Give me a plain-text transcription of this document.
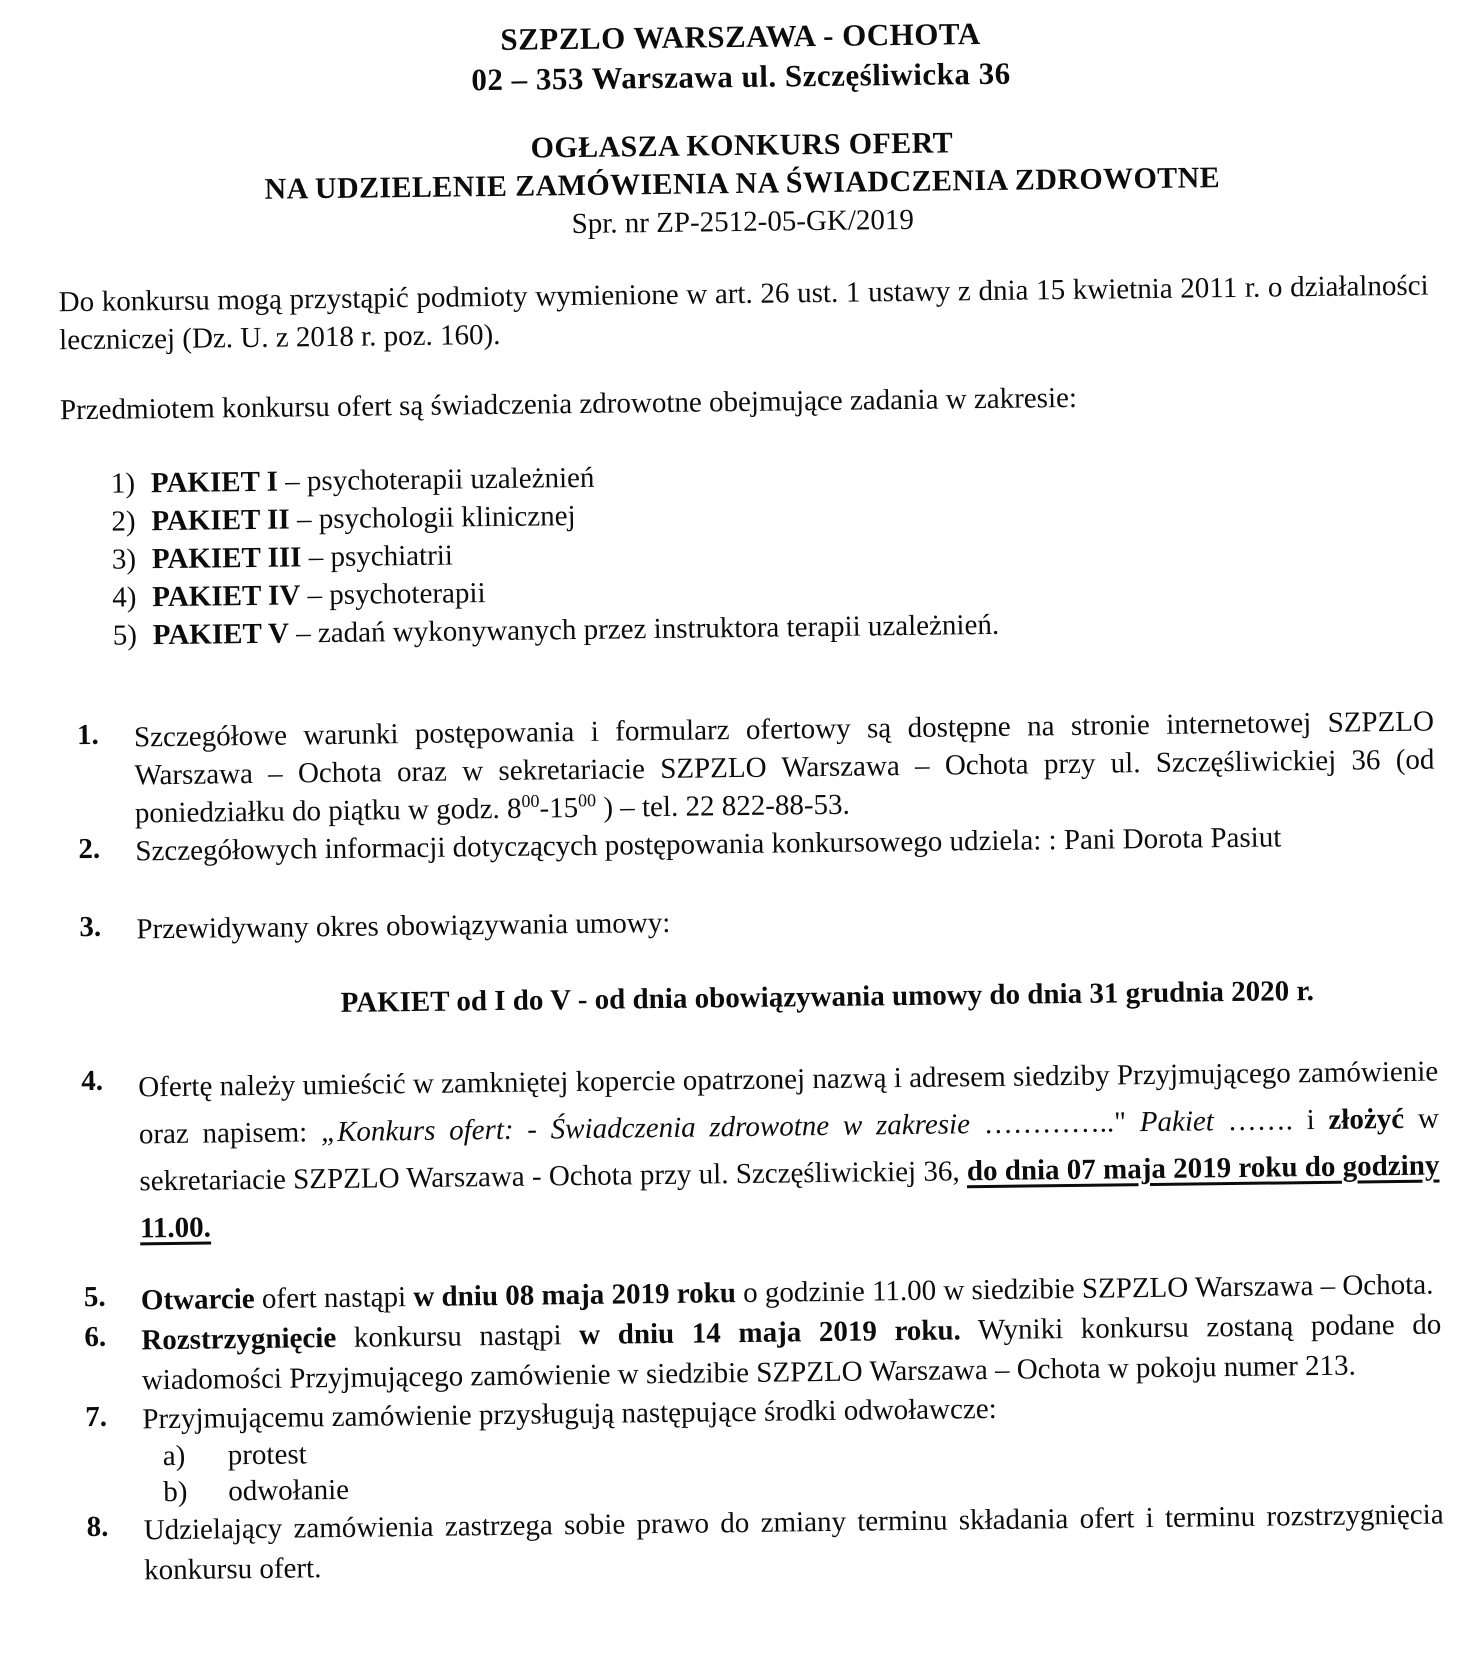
SZPZLO WARSZAWA - OCHOTA
02 – 353 Warszawa ul. Szczęśliwicka 36
OGŁASZA KONKURS OFERT
NA UDZIELENIE ZAMÓWIENIA NA ŚWIADCZENIA ZDROWOTNE
Spr. nr ZP-2512-05-GK/2019

Do konkursu mogą przystąpić podmioty wymienione w art. 26 ust. 1 ustawy z dnia 15 kwietnia 2011 r. o działalności leczniczej (Dz. U. z 2018 r. poz. 160).

Przedmiotem konkursu ofert są świadczenia zdrowotne obejmujące zadania w zakresie:

1) PAKIET I – psychoterapii uzależnień
2) PAKIET II – psychologii klinicznej
3) PAKIET III – psychiatrii
4) PAKIET IV – psychoterapii
5) PAKIET V – zadań wykonywanych przez instruktora terapii uzależnień.
1. Szczegółowe warunki postępowania i formularz ofertowy są dostępne na stronie internetowej SZPZLO Warszawa – Ochota oraz w sekretariacie SZPZLO Warszawa – Ochota przy ul. Szczęśliwickiej 36 (od poniedziałku do piątku w godz. $8^{00}-15^{00}$ ) – tel. 22 822-88-53.

2. Szczegółowych informacji dotyczących postępowania konkursowego udziela: : Pani Dorota Pasiut

3. Przewidywany okres obowiązywania umowy:

PAKIET od I do V - od dnia obowiązywania umowy do dnia 31 grudnia 2020 r.

4. Ofertę należy umieścić w zamkniętej kopercie opatrzonej nazwą i adresem siedziby Przyjmującego zamówienie oraz napisem: „Konkurs ofert: - Świadczenia zdrowotne w zakresie ………….." Pakiet ……. i złożyć w sekretariacie SZPZLO Warszawa - Ochota przy ul. Szczęśliwickiej 36, do dnia 07 maja 2019 roku do godziny 11.00.

5. Otwarcie ofert nastąpi w dniu 08 maja 2019 roku o godzinie 11.00 w siedzibie SZPZLO Warszawa – Ochota.

6. Rozstrzygnięcie konkursu nastąpi w dniu 14 maja 2019 roku. Wyniki konkursu zostaną podane do wiadomości Przyjmującego zamówienie w siedzibie SZPZLO Warszawa – Ochota w pokoju numer 213.

7. Przyjmującemu zamówienie przysługują następujące środki odwoławcze:

a) protest
b) odwołanie
8. Udzielający zamówienia zastrzega sobie prawo do zmiany terminu składania ofert i terminu rozstrzygnięcia konkursu ofert.
